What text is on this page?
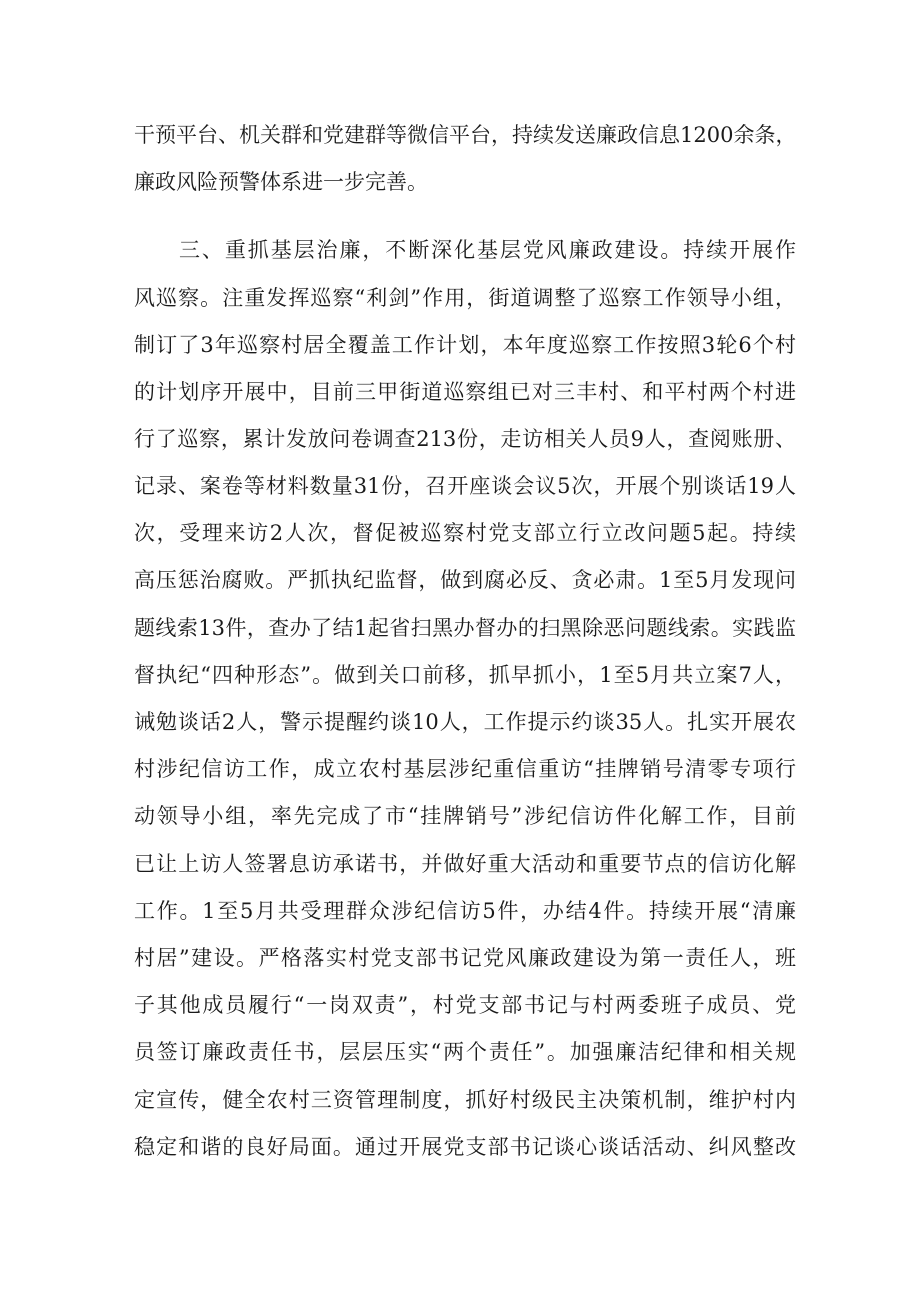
干预平台、机关群和党建群等微信平台，持续发送廉政信息1200余条，
廉政风险预警体系进一步完善。
三、重抓基层治廉，不断深化基层党风廉政建设。持续开展作
风巡察。注重发挥巡察“利剑”作用，街道调整了巡察工作领导小组，
制订了3年巡察村居全覆盖工作计划，本年度巡察工作按照3轮6个村
的计划序开展中，目前三甲街道巡察组已对三丰村、和平村两个村进
行了巡察，累计发放问卷调查213份，走访相关人员9人，查阅账册、
记录、案卷等材料数量31份，召开座谈会议5次，开展个别谈话19人
次，受理来访2人次，督促被巡察村党支部立行立改问题5起。持续
高压惩治腐败。严抓执纪监督，做到腐必反、贪必肃。1至5月发现问
题线索13件，查办了结1起省扫黑办督办的扫黑除恶问题线索。实践监
督执纪“四种形态”。做到关口前移，抓早抓小，1至5月共立案7人，
诫勉谈话2人，警示提醒约谈10人，工作提示约谈35人。扎实开展农
村涉纪信访工作，成立农村基层涉纪重信重访“挂牌销号清零专项行
动领导小组，率先完成了市“挂牌销号”涉纪信访件化解工作，目前
已让上访人签署息访承诺书，并做好重大活动和重要节点的信访化解
工作。1至5月共受理群众涉纪信访5件，办结4件。持续开展“清廉
村居”建设。严格落实村党支部书记党风廉政建设为第一责任人，班
子其他成员履行“一岗双责”，村党支部书记与村两委班子成员、党
员签订廉政责任书，层层压实“两个责任”。加强廉洁纪律和相关规
定宣传，健全农村三资管理制度，抓好村级民主决策机制，维护村内
稳定和谐的良好局面。通过开展党支部书记谈心谈话活动、纠风整改
